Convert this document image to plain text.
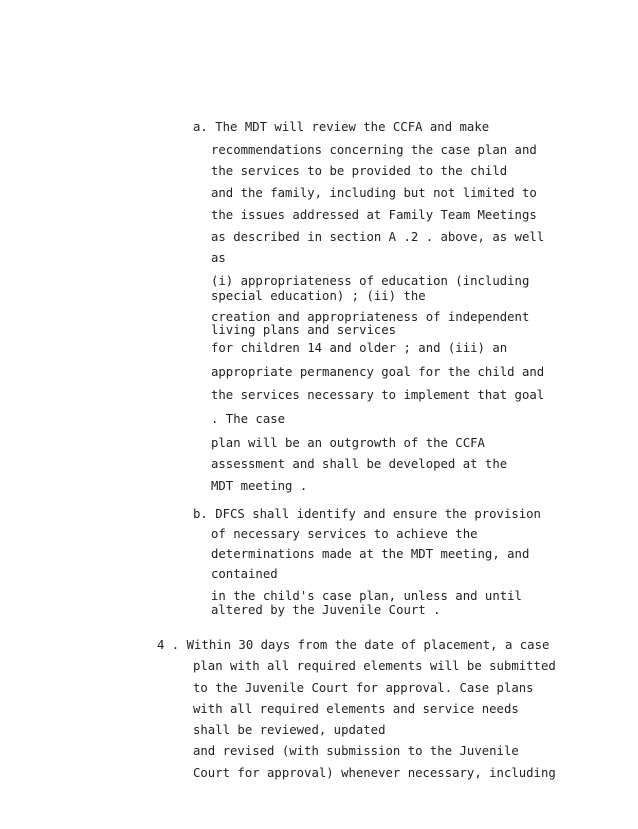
a. The MDT will review the CCFA and make

recommendations concerning the case plan and

the services to be provided to the child

and the family, including but not limited to

the issues addressed at Family Team Meetings

as described in section A .2 . above, as well

as

(i) appropriateness of education (including

special education) ; (ii) the

creation and appropriateness of independent

living plans and services

for children 14 and older ; and (iii) an

appropriate permanency goal for the child and

the services necessary to implement that goal

. The case

plan will be an outgrowth of the CCFA

assessment and shall be developed at the

MDT meeting .

b. DFCS shall identify and ensure the provision

of necessary services to achieve the

determinations made at the MDT meeting, and

contained

in the child's case plan, unless and until

altered by the Juvenile Court .

4 . Within 30 days from the date of placement, a case

plan with all required elements will be submitted

to the Juvenile Court for approval. Case plans

with all required elements and service needs

shall be reviewed, updated

and revised (with submission to the Juvenile

Court for approval) whenever necessary, including
